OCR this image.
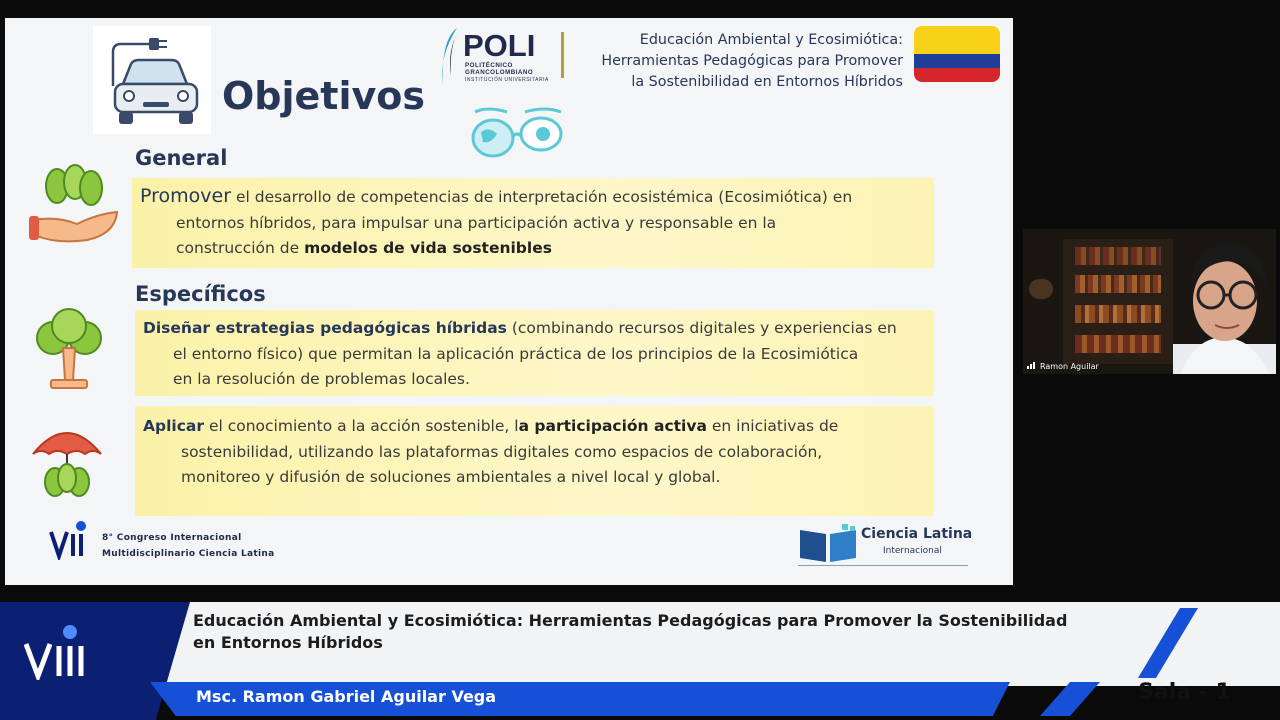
Objetivos
POLI
POLITÉCNICO
GRANCOLOMBIANO
INSTITUCIÓN UNIVERSITARIA
Educación Ambiental y Ecosimiótica:
Herramientas Pedagógicas para Promover
la Sostenibilidad en Entornos Híbridos
General
Promover el desarrollo de competencias de interpretación ecosistémica (Ecosimiótica) en
entornos híbridos, para impulsar una participación activa y responsable en la
construcción de modelos de vida sostenibles
Específicos
Diseñar estrategias pedagógicas híbridas (combinando recursos digitales y experiencias en
el entorno físico) que permitan la aplicación práctica de los principios de la Ecosimiótica
en la resolución de problemas locales.
Aplicar el conocimiento a la acción sostenible, la participación activa en iniciativas de
sostenibilidad, utilizando las plataformas digitales como espacios de colaboración,
monitoreo y difusión de soluciones ambientales a nivel local y global.
8° Congreso Internacional
Multidisciplinario Ciencia Latina
Ciencia Latina
Internacional
Ramon Aguilar
Educación Ambiental y Ecosimiótica: Herramientas Pedagógicas para Promover la Sostenibilidad
en Entornos Híbridos
Msc. Ramon Gabriel Aguilar Vega	Sala - 1
